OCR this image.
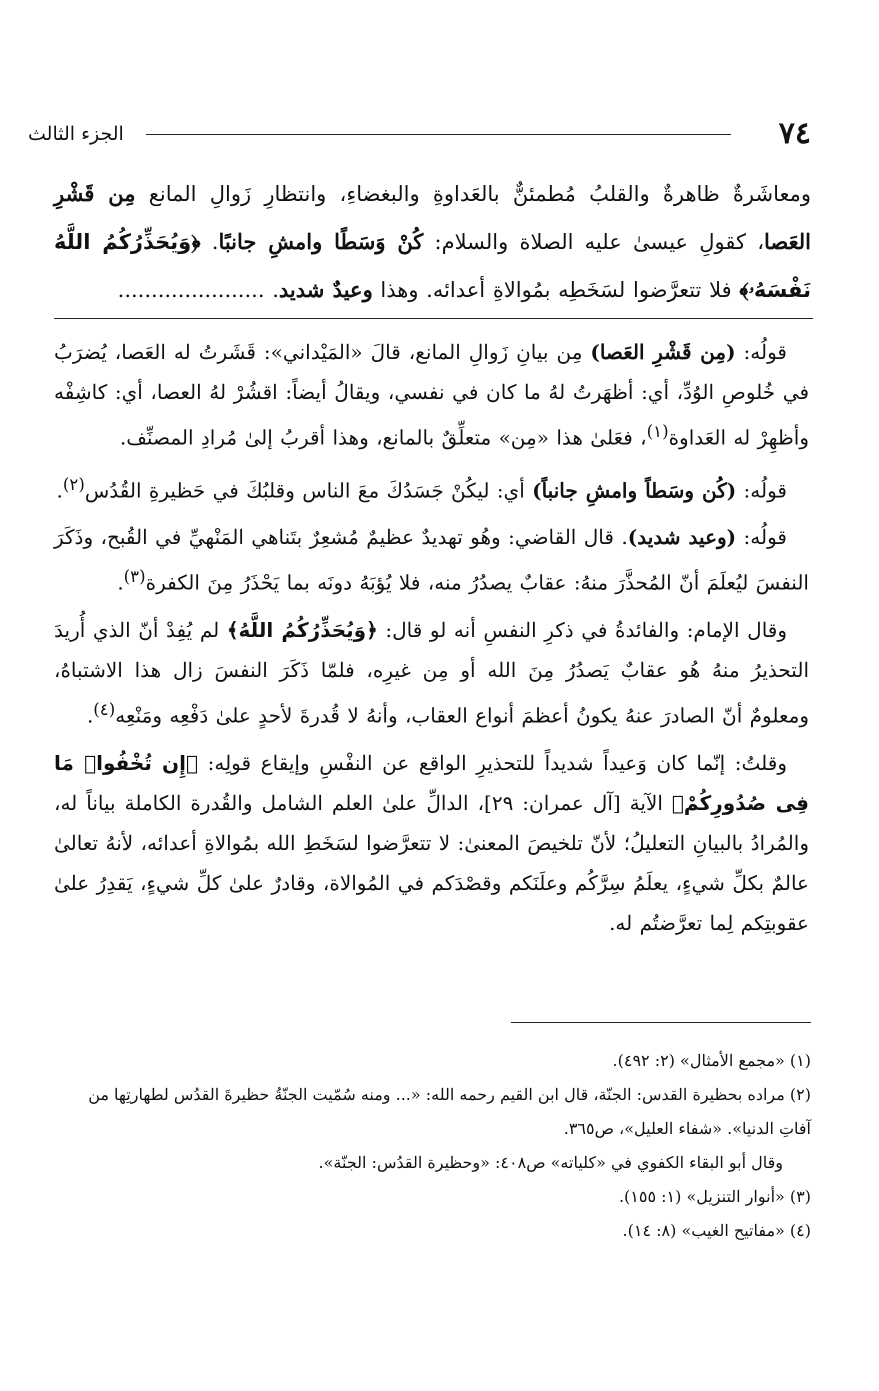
٧٤
الجزء الثالث
ومعاشَرةٌ ظاهرةٌ والقلبُ مُطمئنٌّ بالعَداوةِ والبغضاءِ، وانتظارِ زَوالِ المانع مِن قَشْرِ العَصا، كقولِ عيسىٰ عليه الصلاة والسلام: كُنْ وَسَطًا وامشِ جانبًا. ﴿وَيُحَذِّرُكُمُ اللَّهُ نَفْسَهُۥ﴾ فلا تتعرَّضوا لسَخَطِه بمُوالاةِ أعدائه. وهذا وعيدٌ شديد. ......................

قولُه: (مِن قَشْرِ العَصا) مِن بيانِ زَوالِ المانع، قالَ «المَيْداني»: قَشَرتُ له العَصا، يُضرَبُ في خُلوصِ الوُدِّ، أي: أظهَرتُ لهُ ما كان في نفسي، ويقالُ أيضاً: اقشُرْ لهُ العصا، أي: كاشِفْه وأظهِرْ له العَداوة$^{(١)}$، فعَلىٰ هذا «مِن» متعلِّقٌ بالمانع، وهذا أقربُ إلىٰ مُرادِ المصنِّف.

قولُه: (كُن وسَطاً وامشِ جانباً) أي: ليكُنْ جَسَدُكَ معَ الناس وقلبُكَ في حَظيرةِ القُدُس$^{(٢)}$.

قولُه: (وعيد شديد). قال القاضي: وهُو تهديدٌ عظيمٌ مُشعِرٌ بتَناهي المَنْهيِّ في القُبح، وذَكَرَ النفسَ ليُعلَمَ أنّ المُحذَّرَ منهُ: عقابٌ يصدُرُ منه، فلا يُؤبَهُ دونَه بما يَحْذَرُ مِنَ الكفرة$^{(٣)}$.

وقال الإمام: والفائدةُ في ذكرِ النفسِ أنه لو قال: ﴿وَيُحَذِّرُكُمُ اللَّهُ﴾ لم يُفِدْ أنّ الذي أُريدَ التحذيرُ منهُ هُو عقابٌ يَصدُرُ مِنَ الله أو مِن غيرِه، فلمّا ذَكَرَ النفسَ زال هذا الاشتباهُ، ومعلومٌ أنّ الصادرَ عنهُ يكونُ أعظمَ أنواع العقاب، وأنهُ لا قُدرةَ لأحدٍ علىٰ دَفْعِه ومَنْعِه$^{(٤)}$.

وقلتُ: إنّما كان وَعيداً شديداً للتحذيرِ الواقع عن النفْسِ وإيقاع قولِه: ﴿إِن تُخْفُوا۟ مَا فِى صُدُورِكُمْ﴾ الآية [آل عمران: ٢٩]، الدالِّ علىٰ العلم الشامل والقُدرة الكاملة بياناً له، والمُرادُ بالبيانِ التعليلُ؛ لأنّ تلخيصَ المعنىٰ: لا تتعرَّضوا لسَخَطِ الله بمُوالاةِ أعدائه، لأنهُ تعالىٰ عالمٌ بكلِّ شيءٍ، يعلَمُ سِرَّكُم وعلَنَكم وقصْدَكم في المُوالاة، وقادرٌ علىٰ كلِّ شيءٍ، يَقدِرُ علىٰ عقوبتِكم لِما تعرَّضتُم له.

(١) «مجمع الأمثال» (٢: ٤٩٢).

(٢) مراده بحظيرة القدس: الجنّة، قال ابن القيم رحمه الله: «... ومنه سُمّيت الجنّةُ حظيرةَ القدُس لطهارتِها من آفاتِ الدنيا». «شفاء العليل»، ص٣٦٥.

وقال أبو البقاء الكفوي في «كلياته» ص٤٠٨: «وحظيرة القدُس: الجنّة».

(٣) «أنوار التنزيل» (١: ١٥٥).

(٤) «مفاتيح الغيب» (٨: ١٤).
